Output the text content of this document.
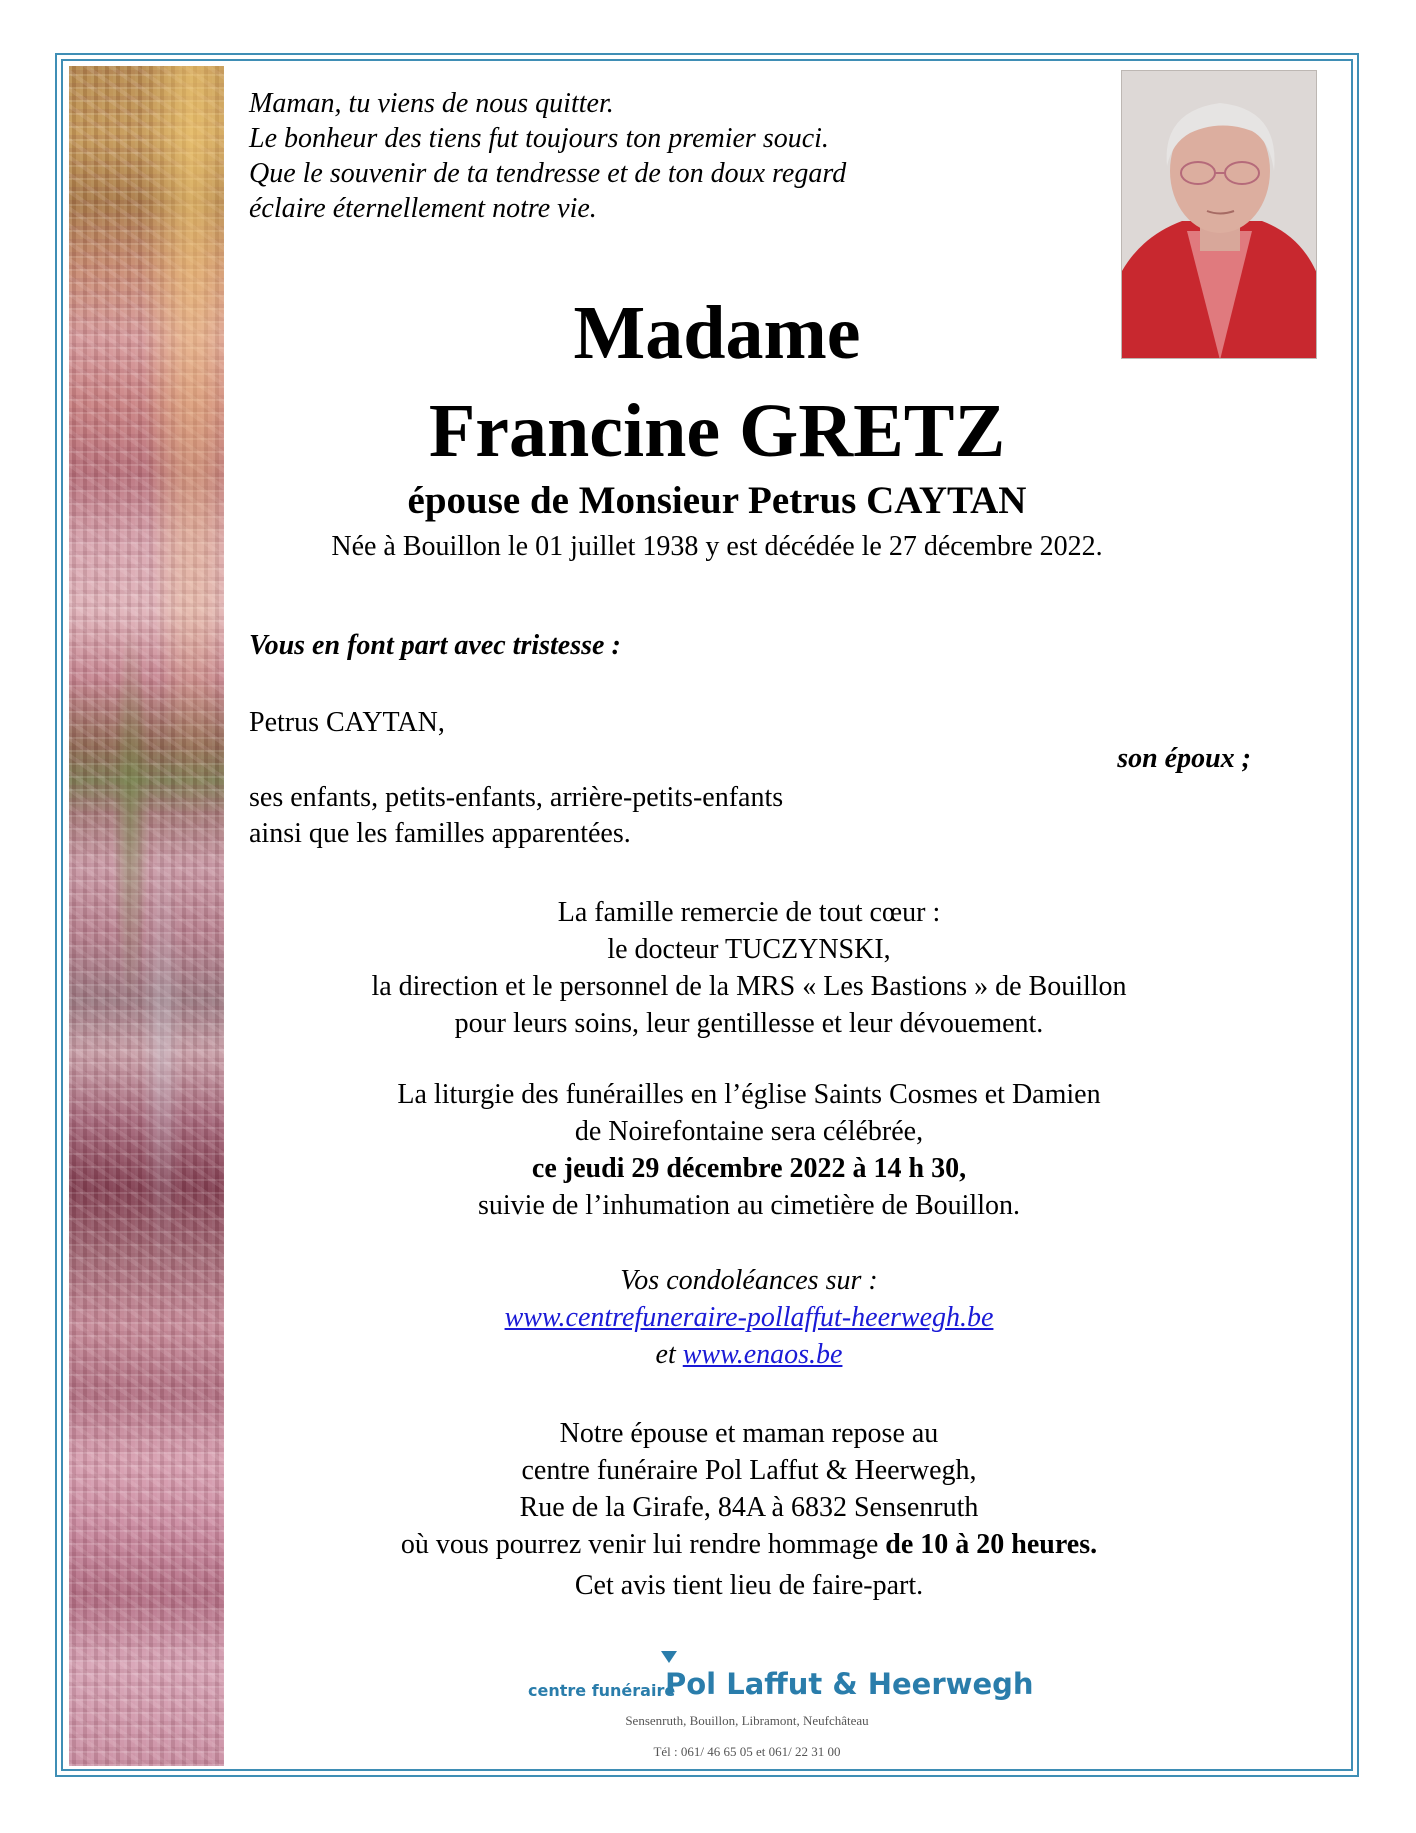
Maman, tu viens de nous quitter.
Le bonheur des tiens fut toujours ton premier souci.
Que le souvenir de ta tendresse et de ton doux regard
éclaire éternellement notre vie.
Madame
Francine GRETZ
épouse de Monsieur Petrus CAYTAN
Née à Bouillon le 01 juillet 1938 y est décédée le 27 décembre 2022.
Vous en font part avec tristesse :
Petrus CAYTAN,
son époux ;
ses enfants, petits-enfants, arrière-petits-enfants
ainsi que les familles apparentées.
La famille remercie de tout cœur :
le docteur TUCZYNSKI,
la direction et le personnel de la MRS « Les Bastions » de Bouillon
pour leurs soins, leur gentillesse et leur dévouement.
La liturgie des funérailles en l’église Saints Cosmes et Damien
de Noirefontaine sera célébrée,
ce jeudi 29 décembre 2022 à 14 h 30,
suivie de l’inhumation au cimetière de Bouillon.
Vos condoléances sur :
www.centrefuneraire-pollaffut-heerwegh.be
et www.enaos.be
Notre épouse et maman repose au
centre funéraire Pol Laffut & Heerwegh,
Rue de la Girafe, 84A à 6832 Sensenruth
où vous pourrez venir lui rendre hommage de 10 à 20 heures.
Cet avis tient lieu de faire-part.
centre funéraire
Pol Laffut & Heerwegh
Sensenruth, Bouillon, Libramont, Neufchâteau
Tél : 061/ 46 65 05 et 061/ 22 31 00
